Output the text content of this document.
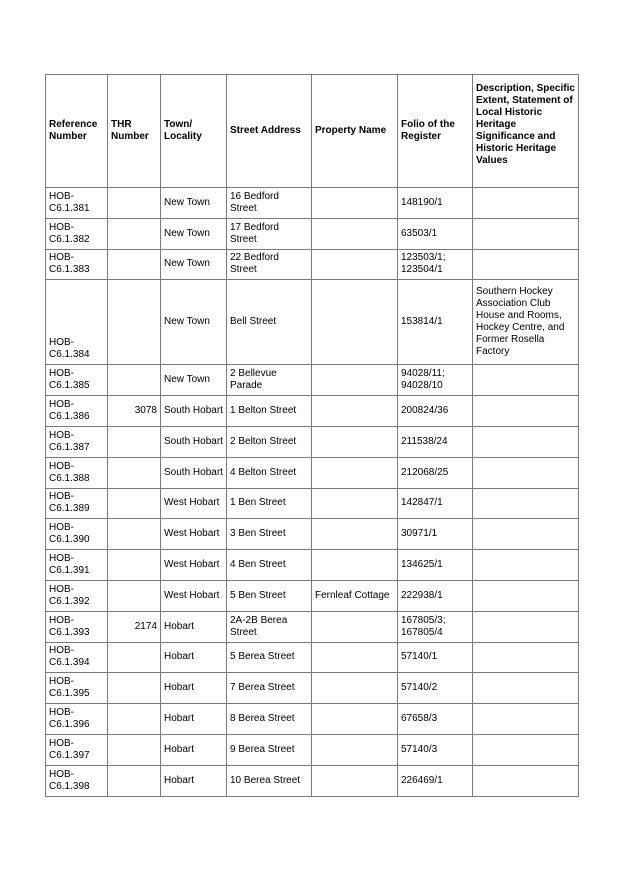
Reference Number	THR Number	Town/ Locality	Street Address	Property Name	Folio of the Register	Description, Specific Extent, Statement of Local Historic Heritage Significance and Historic Heritage Values
HOB-C6.1.381		New Town	16 Bedford Street		148190/1	
HOB-C6.1.382		New Town	17 Bedford Street		63503/1	
HOB-C6.1.383		New Town	22 Bedford Street		123503/1; 123504/1	
HOB-C6.1.384		New Town	Bell Street		153814/1	Southern Hockey Association Club House and Rooms, Hockey Centre, and Former Rosella Factory
HOB-C6.1.385		New Town	2 Bellevue Parade		94028/11; 94028/10	
HOB-C6.1.386	3078	South Hobart	1 Belton Street		200824/36	
HOB-C6.1.387		South Hobart	2 Belton Street		211538/24	
HOB-C6.1.388		South Hobart	4 Belton Street		212068/25	
HOB-C6.1.389		West Hobart	1 Ben Street		142847/1	
HOB-C6.1.390		West Hobart	3 Ben Street		30971/1	
HOB-C6.1.391		West Hobart	4 Ben Street		134625/1	
HOB-C6.1.392		West Hobart	5 Ben Street	Fernleaf Cottage	222938/1	
HOB-C6.1.393	2174	Hobart	2A-2B Berea Street		167805/3; 167805/4	
HOB-C6.1.394		Hobart	5 Berea Street		57140/1	
HOB-C6.1.395		Hobart	7 Berea Street		57140/2	
HOB-C6.1.396		Hobart	8 Berea Street		67658/3	
HOB-C6.1.397		Hobart	9 Berea Street		57140/3	
HOB-C6.1.398		Hobart	10 Berea Street		226469/1	
